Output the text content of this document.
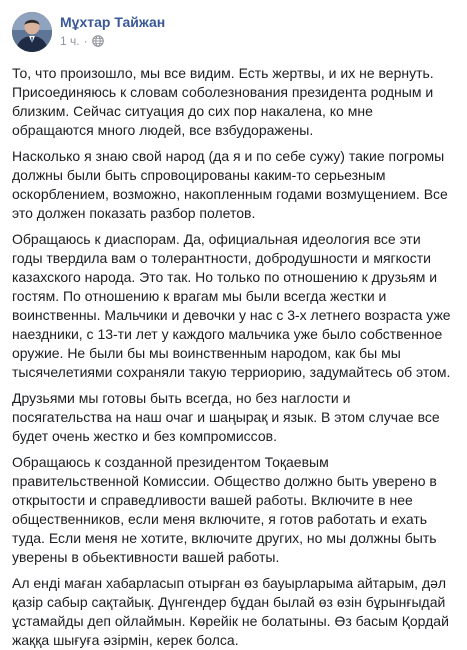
Мұхтар Тайжан
1 ч. ·

То, что произошло, мы все видим. Есть жертвы, и их не вернуть. Присоединяюсь к словам соболезнования президента родным и близким. Сейчас ситуация до сих пор накалена, ко мне обращаются много людей, все взбудоражены.

Насколько я знаю свой народ (да я и по себе сужу) такие погромы должны были быть спровоцированы каким-то серьезным оскорблением, возможно, накопленным годами возмущением. Все это должен показать разбор полетов.

Обращаюсь к диаспорам. Да, официальная идеология все эти годы твердила вам о толерантности, добродушности и мягкости казахского народа. Это так. Но только по отношению к друзьям и гостям. По отношению к врагам мы были всегда жестки и воинственны. Мальчики и девочки у нас с 3-х летнего возраста уже наездники, с 13-ти лет у каждого мальчика уже было собственное оружие. Не были бы мы воинственным народом, как бы мы тысячелетиями сохраняли такую терриорию, задумайтесь об этом.

Друзьями мы готовы быть всегда, но без наглости и посягательства на наш очаг и шаңырақ и язык. В этом случае все будет очень жестко и без компромиссов.

Обращаюсь к созданной президентом Тоқаевым правительственной Комиссии. Общество должно быть уверено в открытости и справедливости вашей работы. Включите в нее общественников, если меня включите, я готов работать и ехать туда. Если меня не хотите, включите других, но мы должны быть уверены в обьективности вашей работы.

Ал енді маған хабарласып отырған өз бауырларыма айтарым, дәл қазір сабыр сақтайық. Дүнгендер бұдан былай өз өзін бұрынғыдай ұстамайды деп ойлаймын. Көрейік не болатыны. Өз басым Қордай жаққа шығуға әзірмін, керек болса.
